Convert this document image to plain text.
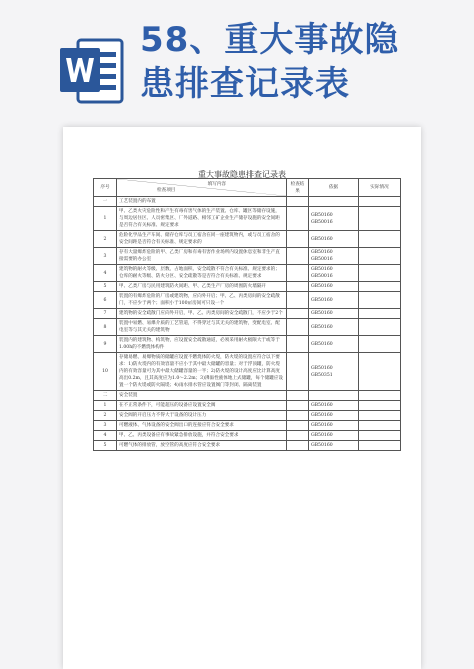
58、重大事故隐
患排查记录表
重大事故隐患排查记录表
序号	填写内容
检查项目	检查结果	依据	实际情况
一	工艺装置内的布置			
1	甲、乙类火灾危险性和产生有毒有害气体的生产装置、仓库、罐区等储存设施，与周边居住区、人员密集区、厂外道路、相邻工矿企业生产储存设施的安全间距是否符合有关标准、规定要求		GB50160
GB50016	

2	危险化学品生产车间、储存仓库与员工宿舍在同一座建筑物内，或与员工宿舍的安全间距是否符合有关标准、规定要求的		GB50160	

3	存有大量爆炸危险的甲、乙类厂房和有毒有害作业场所内设置休息室和非生产直接需要的办公室		GB50160
GB50016	

4	建筑物的耐火等级、层数、占地面积、安全疏散不符合有关标准、规定要求的；仓库的耐火等级、防火分区、安全疏散等是否符合有关标准、规定要求		GB50160
GB50016	

5	甲、乙类厂房与民用建筑防火间距、甲、乙类生产厂房的周围防火墙隔开		GB50160	

6	装置的有爆炸危险的厂房或建筑物，应向外开启；甲、乙、丙类房间的安全疏散门，不应少于两个；面积小于100㎡房间可只设一个		GB50160	

7	建筑物的安全疏散门应向外开启，甲、乙、丙类房间的安全疏散门，不应少于2个		GB50160	

8	装置中易燃、易爆介质的工艺管道，不得穿过与其无关的建筑物，变配电室、配电室等与其无关的建筑物		GB50160	

9	装置内的建筑物、构筑物，应设置安全疏散通道，必须采用耐火极限大于或等于1.00h的不燃烧体构件		GB50160	

10	存储易燃、易爆物质的储罐应设置不燃烧体防火堤，防火堤的设置应符合以下要求：1)防火堤内的有效容量不应小于其中最大储罐的容量；对于浮顶罐，防火堤内的有效容量可为其中最大储罐容量的一半；2)防火堤的设计高度应比计算高度高出0.2m，且其高度应为1.0～2.2m；3)沸溢性液体地上式储罐，每个储罐应设置一个防火堤或防火隔堤；4)雨水排水管应设置阀门等封闭、隔离装置		GB50160
GB50351	

二	安全装置			
1	在不正常条件下，可能超压的设备应设置安全阀		GB50160	

2	安全阀的开启压力不得大于设备的设计压力		GB50160	

3	可燃液体、气体设备的安全阀出口的连接应符合安全要求		GB50160	

4	甲、乙、丙类设备应有事故紧急排放设施，并符合安全要求		GB50160	

5	可燃气体的排放管，放空管的高度应符合安全要求		GB50160	
